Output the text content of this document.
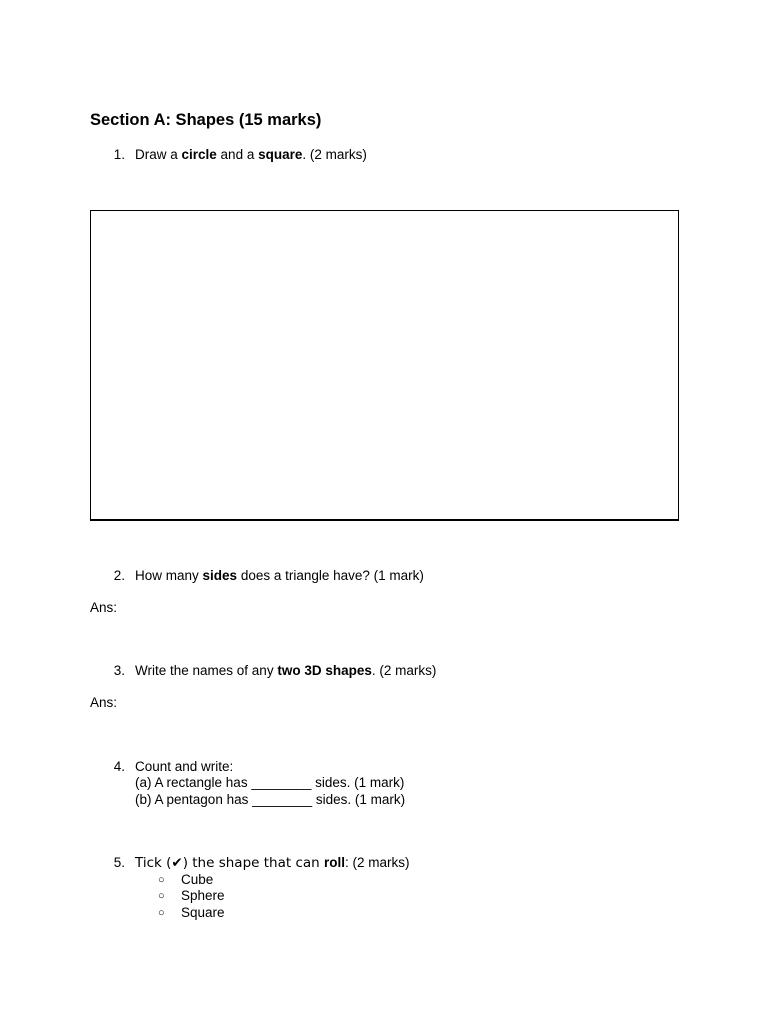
Section A: Shapes (15 marks)
1. Draw a circle and a square. (2 marks)
2. How many sides does a triangle have? (1 mark)
Ans:
3. Write the names of any two 3D shapes. (2 marks)
Ans:
4. Count and write:
(a) A rectangle has ________ sides. (1 mark)
(b) A pentagon has ________ sides. (1 mark)
5. Tick (✔) the shape that can roll: (2 marks)
○ Cube
○ Sphere
○ Square
